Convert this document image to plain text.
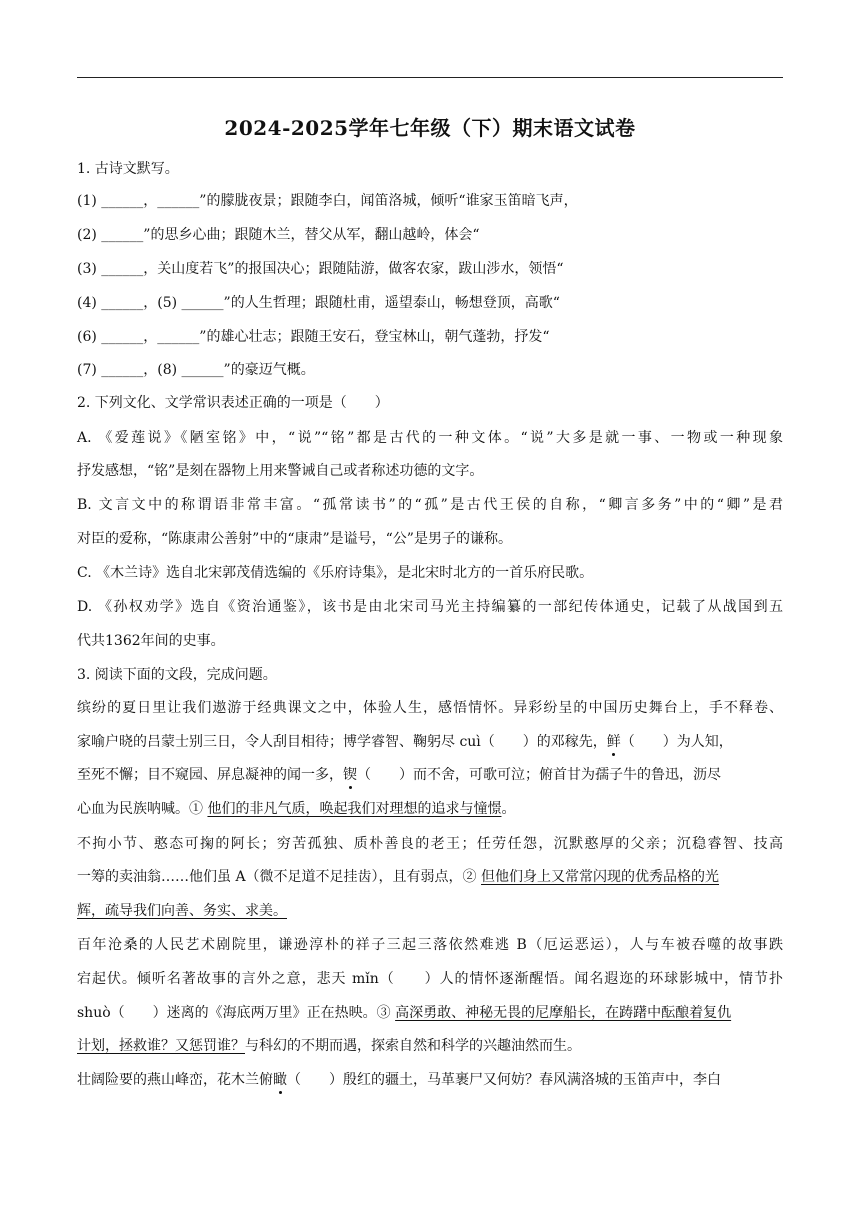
2024-2025学年七年级（下）期末语文试卷
1. 古诗文默写。
(1) ______，______”的朦胧夜景；跟随李白，闻笛洛城，倾听“谁家玉笛暗飞声，
(2) ______”的思乡心曲；跟随木兰，替父从军，翻山越岭，体会“
(3) ______，关山度若飞”的报国决心；跟随陆游，做客农家，跋山涉水，领悟“
(4) ______，(5) ______”的人生哲理；跟随杜甫，遥望泰山，畅想登顶，高歌“
(6) ______，______”的雄心壮志；跟随王安石，登宝林山，朝气蓬勃，抒发“
(7) ______，(8) ______”的豪迈气概。
2. 下列文化、文学常识表述正确的一项是（　　）
A. 《爱莲说》《陋室铭》中，“说”“铭”都是古代的一种文体。“说”大多是就一事、一物或一种现象
抒发感想，“铭”是刻在器物上用来警诫自己或者称述功德的文字。
B. 文言文中的称谓语非常丰富。“孤常读书”的“孤”是古代王侯的自称，“卿言多务”中的“卿”是君
对臣的爱称，“陈康肃公善射”中的“康肃”是谥号，“公”是男子的谦称。
C. 《木兰诗》选自北宋郭茂倩选编的《乐府诗集》，是北宋时北方的一首乐府民歌。
D. 《孙权劝学》选自《资治通鉴》，该书是由北宋司马光主持编纂的一部纪传体通史，记载了从战国到五
代共1362年间的史事。
3. 阅读下面的文段，完成问题。
缤纷的夏日里让我们遨游于经典课文之中，体验人生，感悟情怀。异彩纷呈的中国历史舞台上，手不释卷、
家喻户晓的吕蒙士别三日，令人刮目相待；博学睿智、鞠躬尽 cuì（　　）的邓稼先，鲜（　　）为人知，
至死不懈；目不窥园、屏息凝神的闻一多，锲（　　）而不舍，可歌可泣；俯首甘为孺子牛的鲁迅，沥尽
心血为民族呐喊。① 他们的非凡气质，唤起我们对理想的追求与憧憬。
不拘小节、憨态可掬的阿长；穷苦孤独、质朴善良的老王；任劳任怨，沉默憨厚的父亲；沉稳睿智、技高
一筹的卖油翁……他们虽 A（微不足道不足挂齿），且有弱点，② 但他们身上又常常闪现的优秀品格的光
辉，疏导我们向善、务实、求美。
百年沧桑的人民艺术剧院里，谦逊淳朴的祥子三起三落依然难逃 B（厄运恶运），人与车被吞噬的故事跌
宕起伏。倾听名著故事的言外之意，悲天 mǐn（　　）人的情怀逐渐醒悟。闻名遐迩的环球影城中，情节扑
shuò（　　）迷离的《海底两万里》正在热映。③ 高深勇敢、神秘无畏的尼摩船长，在踌躇中酝酿着复仇
计划，拯救谁？又惩罚谁？与科幻的不期而遇，探索自然和科学的兴趣油然而生。
壮阔险要的燕山峰峦，花木兰俯瞰（　　）殷红的疆土，马革裹尸又何妨？春风满洛城的玉笛声中，李白
